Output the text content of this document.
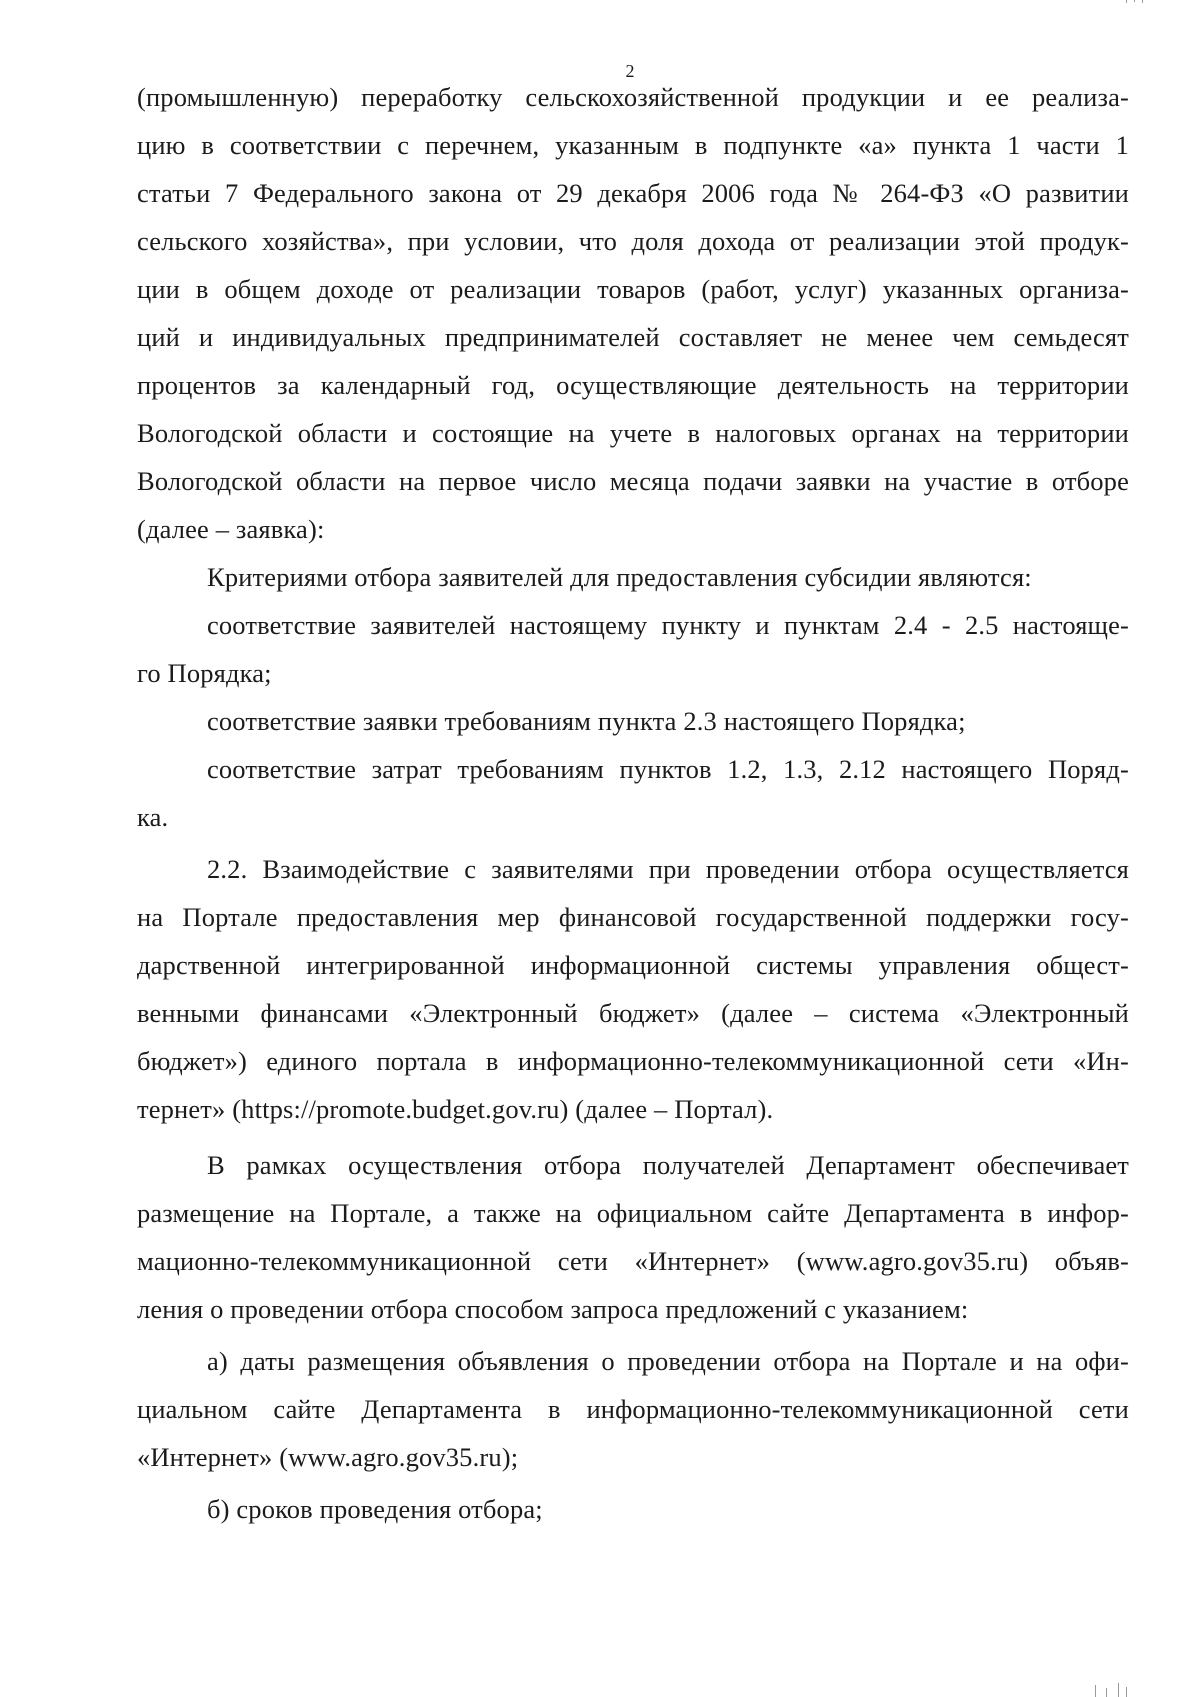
2
(промышленную) переработку сельскохозяйственной продукции и ее реализа-
цию в соответствии с перечнем, указанным в подпункте «а» пункта 1 части 1
статьи 7 Федерального закона от 29 декабря 2006 года № 264-ФЗ «О развитии
сельского хозяйства», при условии, что доля дохода от реализации этой продук-
ции в общем доходе от реализации товаров (работ, услуг) указанных организа-
ций и индивидуальных предпринимателей составляет не менее чем семьдесят
процентов за календарный год, осуществляющие деятельность на территории
Вологодской области и состоящие на учете в налоговых органах на территории
Вологодской области на первое число месяца подачи заявки на участие в отборе
(далее – заявка):
Критериями отбора заявителей для предоставления субсидии являются:
соответствие заявителей настоящему пункту и пунктам 2.4 - 2.5 настояще-
го Порядка;
соответствие заявки требованиям пункта 2.3 настоящего Порядка;
соответствие затрат требованиям пунктов 1.2, 1.3, 2.12 настоящего Поряд-
ка.
2.2. Взаимодействие с заявителями при проведении отбора осуществляется
на Портале предоставления мер финансовой государственной поддержки госу-
дарственной интегрированной информационной системы управления общест-
венными финансами «Электронный бюджет» (далее – система «Электронный
бюджет») единого портала в информационно-телекоммуникационной сети «Ин-
тернет» (https://promote.budget.gov.ru) (далее – Портал).
В рамках осуществления отбора получателей Департамент обеспечивает
размещение на Портале, а также на официальном сайте Департамента в инфор-
мационно-телекоммуникационной сети «Интернет» (www.agro.gov35.ru) объяв-
ления о проведении отбора способом запроса предложений с указанием:
а) даты размещения объявления о проведении отбора на Портале и на офи-
циальном сайте Департамента в информационно-телекоммуникационной сети
«Интернет» (www.agro.gov35.ru);
б) сроков проведения отбора;
